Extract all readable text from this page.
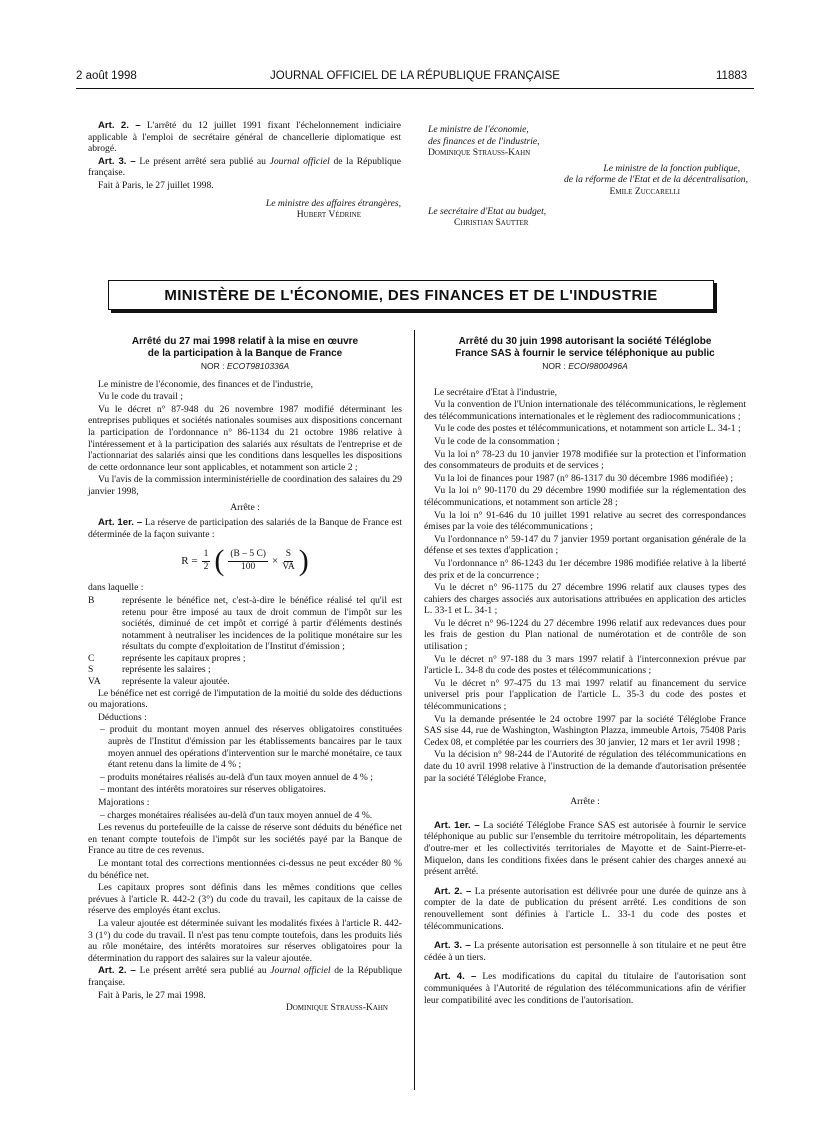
2 août 1998	JOURNAL OFFICIEL DE LA RÉPUBLIQUE FRANÇAISE	11883

Art. 2. – L'arrêté du 12 juillet 1991 fixant l'échelonnement indiciaire applicable à l'emploi de secrétaire général de chancellerie diplomatique est abrogé.

Art. 3. – Le présent arrêté sera publié au Journal officiel de la République française.

Fait à Paris, le 27 juillet 1998.

Le ministre des affaires étrangères,
Hubert Védrine
Le ministre de l'économie,
des finances et de l'industrie,
Dominique Strauss-Kahn
Le ministre de la fonction publique,
de la réforme de l'Etat et de la décentralisation,
Emile Zuccarelli
Le secrétaire d'Etat au budget,
Christian Sautter
MINISTÈRE DE L'ÉCONOMIE, DES FINANCES ET DE L'INDUSTRIE
Arrêté du 27 mai 1998 relatif à la mise en œuvre
de la participation à la Banque de France
NOR : ECOT9810336A

Le ministre de l'économie, des finances et de l'industrie,

Vu le code du travail ;

Vu le décret n° 87-948 du 26 novembre 1987 modifié déterminant les entreprises publiques et sociétés nationales soumises aux dispositions concernant la participation de l'ordonnance n° 86-1134 du 21 octobre 1986 relative à l'intéressement et à la participation des salariés aux résultats de l'entreprise et de l'actionnariat des salariés ainsi que les conditions dans lesquelles les dispositions de cette ordonnance leur sont applicables, et notamment son article 2 ;

Vu l'avis de la commission interministérielle de coordination des salaires du 29 janvier 1998,

Arrête :

Art. 1er. – La réserve de participation des salariés de la Banque de France est déterminée de la façon suivante :

$R = \frac{1}{2}$ ( $\frac{(B - 5 C)}{100} \times \frac{S}{VA}$ )

dans laquelle :

B	représente le bénéfice net, c'est-à-dire le bénéfice réalisé tel qu'il est retenu pour être imposé au taux de droit commun de l'impôt sur les sociétés, diminué de cet impôt et corrigé à partir d'éléments destinés notamment à neutraliser les incidences de la politique monétaire sur les résultats du compte d'exploitation de l'Institut d'émission ;
C	représente les capitaux propres ;
S	représente les salaires ;
VA	représente la valeur ajoutée.

Le bénéfice net est corrigé de l'imputation de la moitié du solde des déductions ou majorations.

Déductions :

– produit du montant moyen annuel des réserves obligatoires constituées auprès de l'Institut d'émission par les établissements bancaires par le taux moyen annuel des opérations d'intervention sur le marché monétaire, ce taux étant retenu dans la limite de 4 % ;

– produits monétaires réalisés au-delà d'un taux moyen annuel de 4 % ;

– montant des intérêts moratoires sur réserves obligatoires.

Majorations :

– charges monétaires réalisées au-delà d'un taux moyen annuel de 4 %.

Les revenus du portefeuille de la caisse de réserve sont déduits du bénéfice net en tenant compte toutefois de l'impôt sur les sociétés payé par la Banque de France au titre de ces revenus.

Le montant total des corrections mentionnées ci-dessus ne peut excéder 80 % du bénéfice net.

Les capitaux propres sont définis dans les mêmes conditions que celles prévues à l'article R. 442-2 (3°) du code du travail, les capitaux de la caisse de réserve des employés étant exclus.

La valeur ajoutée est déterminée suivant les modalités fixées à l'article R. 442-3 (1°) du code du travail. Il n'est pas tenu compte toutefois, dans les produits liés au rôle monétaire, des intérêts moratoires sur réserves obligatoires pour la détermination du rapport des salaires sur la valeur ajoutée.

Art. 2. – Le présent arrêté sera publié au Journal officiel de la République française.

Fait à Paris, le 27 mai 1998.

Dominique Strauss-Kahn
Arrêté du 30 juin 1998 autorisant la société Téléglobe
France SAS à fournir le service téléphonique au public
NOR : ECOI9800496A

Le secrétaire d'Etat à l'industrie,

Vu la convention de l'Union internationale des télécommunications, le règlement des télécommunications internationales et le règlement des radiocommunications ;

Vu le code des postes et télécommunications, et notamment son article L. 34-1 ;

Vu le code de la consommation ;

Vu la loi n° 78-23 du 10 janvier 1978 modifiée sur la protection et l'information des consommateurs de produits et de services ;

Vu la loi de finances pour 1987 (n° 86-1317 du 30 décembre 1986 modifiée) ;

Vu la loi n° 90-1170 du 29 décembre 1990 modifiée sur la réglementation des télécommunications, et notamment son article 28 ;

Vu la loi n° 91-646 du 10 juillet 1991 relative au secret des correspondances émises par la voie des télécommunications ;

Vu l'ordonnance n° 59-147 du 7 janvier 1959 portant organisation générale de la défense et ses textes d'application ;

Vu l'ordonnance n° 86-1243 du 1er décembre 1986 modifiée relative à la liberté des prix et de la concurrence ;

Vu le décret n° 96-1175 du 27 décembre 1996 relatif aux clauses types des cahiers des charges associés aux autorisations attribuées en application des articles L. 33-1 et L. 34-1 ;

Vu le décret n° 96-1224 du 27 décembre 1996 relatif aux redevances dues pour les frais de gestion du Plan national de numérotation et de contrôle de son utilisation ;

Vu le décret n° 97-188 du 3 mars 1997 relatif à l'interconnexion prévue par l'article L. 34-8 du code des postes et télécommunications ;

Vu le décret n° 97-475 du 13 mai 1997 relatif au financement du service universel pris pour l'application de l'article L. 35-3 du code des postes et télécommunications ;

Vu la demande présentée le 24 octobre 1997 par la société Téléglobe France SAS sise 44, rue de Washington, Washington Plazza, immeuble Artois, 75408 Paris Cedex 08, et complétée par les courriers des 30 janvier, 12 mars et 1er avril 1998 ;

Vu la décision n° 98-244 de l'Autorité de régulation des télécommunications en date du 10 avril 1998 relative à l'instruction de la demande d'autorisation présentée par la société Téléglobe France,

Arrête :

Art. 1er. – La société Téléglobe France SAS est autorisée à fournir le service téléphonique au public sur l'ensemble du territoire métropolitain, les départements d'outre-mer et les collectivités territoriales de Mayotte et de Saint-Pierre-et-Miquelon, dans les conditions fixées dans le présent cahier des charges annexé au présent arrêté.

Art. 2. – La présente autorisation est délivrée pour une durée de quinze ans à compter de la date de publication du présent arrêté. Les conditions de son renouvellement sont définies à l'article L. 33-1 du code des postes et télécommunications.

Art. 3. – La présente autorisation est personnelle à son titulaire et ne peut être cédée à un tiers.

Art. 4. – Les modifications du capital du titulaire de l'autorisation sont communiquées à l'Autorité de régulation des télécommunications afin de vérifier leur compatibilité avec les conditions de l'autorisation.
